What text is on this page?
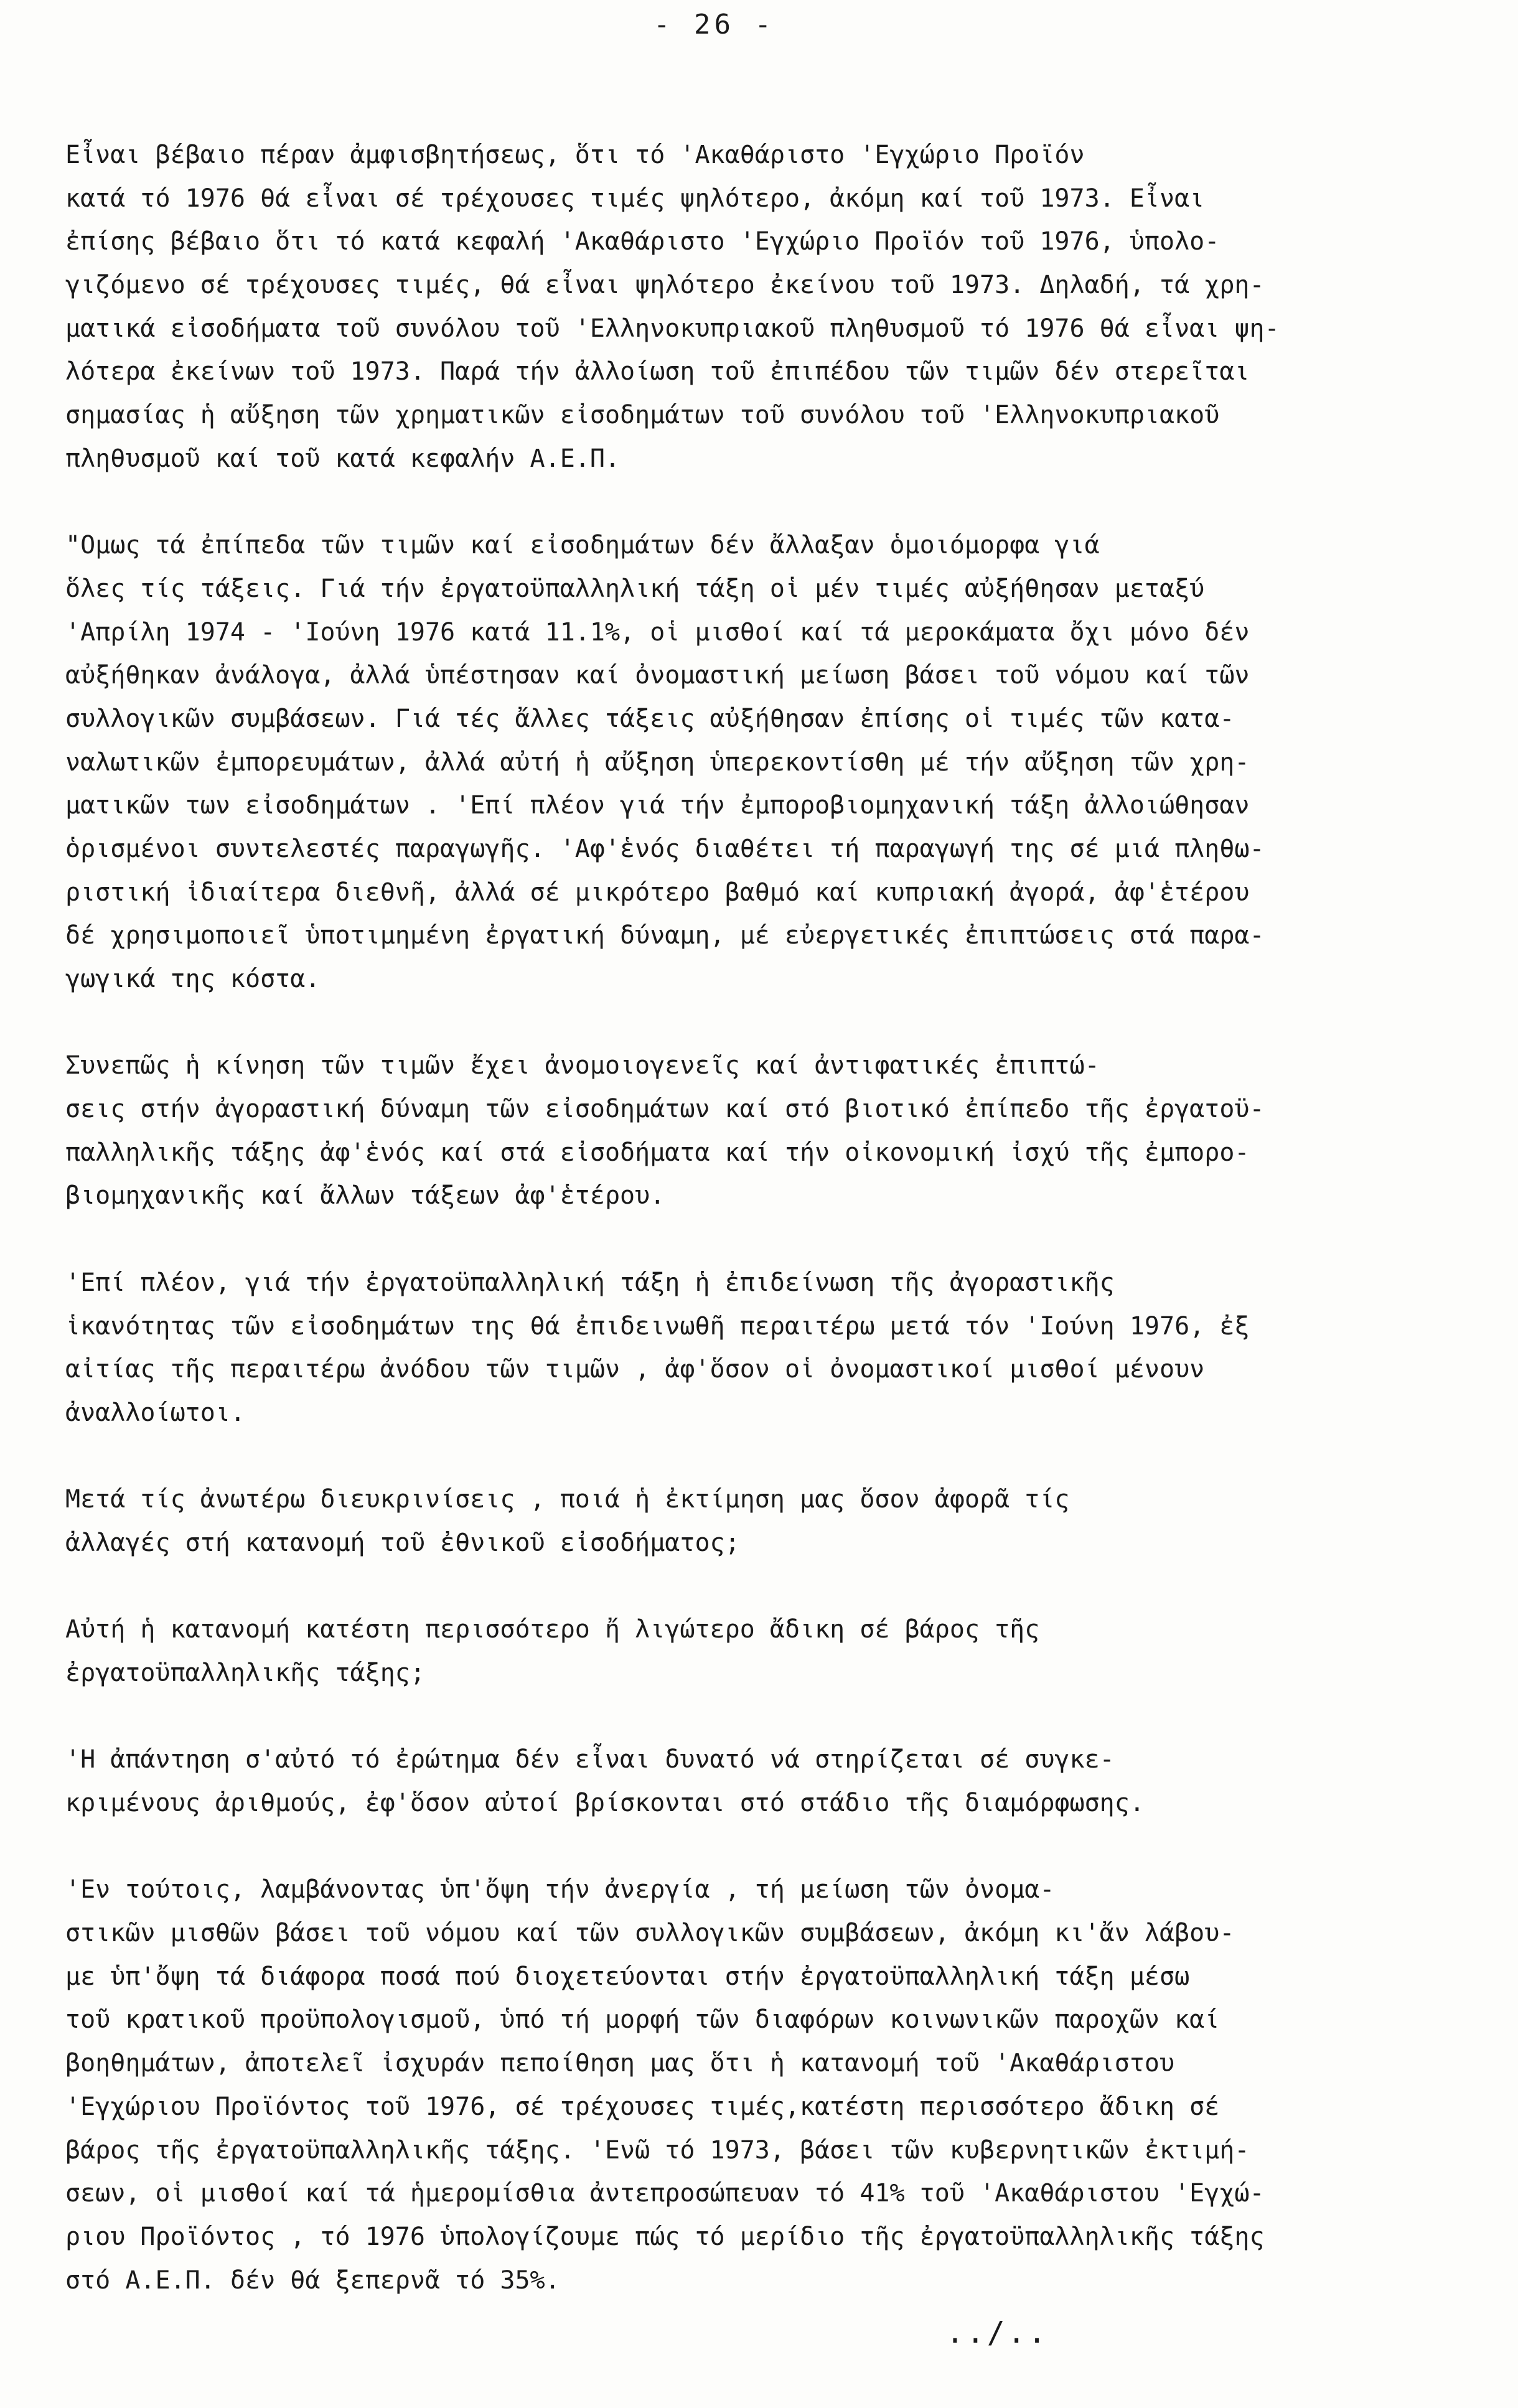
- 26 -

Εἶναι βέβαιο πέραν ἀμφισβητήσεως, ὅτι τό 'Ακαθάριστο 'Εγχώριο Προϊόν
κατά τό 1976 θά εἶναι σέ τρέχουσες τιμές ψηλότερο, ἀκόμη καί τοῦ 1973. Εἶναι
ἐπίσης βέβαιο ὅτι τό κατά κεφαλή 'Ακαθάριστο 'Εγχώριο Προϊόν τοῦ 1976, ὑπολο-
γιζόμενο σέ τρέχουσες τιμές, θά εἶναι ψηλότερο ἐκείνου τοῦ 1973. Δηλαδή, τά χρη-
ματικά εἰσοδήματα τοῦ συνόλου τοῦ 'Ελληνοκυπριακοῦ πληθυσμοῦ τό 1976 θά εἶναι ψη-
λότερα ἐκείνων τοῦ 1973. Παρά τήν ἀλλοίωση τοῦ ἐπιπέδου τῶν τιμῶν δέν στερεῖται
σημασίας ἡ αὔξηση τῶν χρηματικῶν εἰσοδημάτων τοῦ συνόλου τοῦ 'Ελληνοκυπριακοῦ
πληθυσμοῦ καί τοῦ κατά κεφαλήν Α.Ε.Π.

"Ομως τά ἐπίπεδα τῶν τιμῶν καί εἰσοδημάτων δέν ἄλλαξαν ὁμοιόμορφα γιά
ὅλες τίς τάξεις. Γιά τήν ἐργατοϋπαλληλική τάξη οἱ μέν τιμές αὐξήθησαν μεταξύ
'Απρίλη 1974 - 'Ιούνη 1976 κατά 11.1%, οἱ μισθοί καί τά μεροκάματα ὄχι μόνο δέν
αὐξήθηκαν ἀνάλογα, ἀλλά ὑπέστησαν καί ὀνομαστική μείωση βάσει τοῦ νόμου καί τῶν
συλλογικῶν συμβάσεων. Γιά τές ἄλλες τάξεις αὐξήθησαν ἐπίσης οἱ τιμές τῶν κατα-
ναλωτικῶν ἐμπορευμάτων, ἀλλά αὐτή ἡ αὔξηση ὑπερεκοντίσθη μέ τήν αὔξηση τῶν χρη-
ματικῶν των εἰσοδημάτων . 'Επί πλέον γιά τήν ἐμποροβιομηχανική τάξη ἀλλοιώθησαν
ὁρισμένοι συντελεστές παραγωγῆς. 'Αφ'ἑνός διαθέτει τή παραγωγή της σέ μιά πληθω-
ριστική ἰδιαίτερα διεθνῆ, ἀλλά σέ μικρότερο βαθμό καί κυπριακή ἀγορά, ἀφ'ἑτέρου
δέ χρησιμοποιεῖ ὑποτιμημένη ἐργατική δύναμη, μέ εὐεργετικές ἐπιπτώσεις στά παρα-
γωγικά της κόστα.

Συνεπῶς ἡ κίνηση τῶν τιμῶν ἔχει ἀνομοιογενεῖς καί ἀντιφατικές ἐπιπτώ-
σεις στήν ἀγοραστική δύναμη τῶν εἰσοδημάτων καί στό βιοτικό ἐπίπεδο τῆς ἐργατοϋ-
παλληλικῆς τάξης ἀφ'ἑνός καί στά εἰσοδήματα καί τήν οἰκονομική ἰσχύ τῆς ἐμπορο-
βιομηχανικῆς καί ἄλλων τάξεων ἀφ'ἑτέρου.

'Επί πλέον, γιά τήν ἐργατοϋπαλληλική τάξη ἡ ἐπιδείνωση τῆς ἀγοραστικῆς
ἱκανότητας τῶν εἰσοδημάτων της θά ἐπιδεινωθῆ περαιτέρω μετά τόν 'Ιούνη 1976, ἐξ
αἰτίας τῆς περαιτέρω ἀνόδου τῶν τιμῶν , ἀφ'ὅσον οἱ ὀνομαστικοί μισθοί μένουν
ἀναλλοίωτοι.

Μετά τίς ἀνωτέρω διευκρινίσεις , ποιά ἡ ἐκτίμηση μας ὅσον ἀφορᾶ τίς
ἀλλαγές στή κατανομή τοῦ ἐθνικοῦ εἰσοδήματος;

Αὐτή ἡ κατανομή κατέστη περισσότερο ἤ λιγώτερο ἄδικη σέ βάρος τῆς
ἐργατοϋπαλληλικῆς τάξης;

'Η ἀπάντηση σ'αὐτό τό ἐρώτημα δέν εἶναι δυνατό νά στηρίζεται σέ συγκε-
κριμένους ἀριθμούς, ἐφ'ὅσον αὐτοί βρίσκονται στό στάδιο τῆς διαμόρφωσης.

'Εν τούτοις, λαμβάνοντας ὑπ'ὄψη τήν ἀνεργία , τή μείωση τῶν ὀνομα-
στικῶν μισθῶν βάσει τοῦ νόμου καί τῶν συλλογικῶν συμβάσεων, ἀκόμη κι'ἄν λάβου-
με ὑπ'ὄψη τά διάφορα ποσά πού διοχετεύονται στήν ἐργατοϋπαλληλική τάξη μέσω
τοῦ κρατικοῦ προϋπολογισμοῦ, ὑπό τή μορφή τῶν διαφόρων κοινωνικῶν παροχῶν καί
βοηθημάτων, ἀποτελεῖ ἰσχυράν πεποίθηση μας ὅτι ἡ κατανομή τοῦ 'Ακαθάριστου
'Εγχώριου Προϊόντος τοῦ 1976, σέ τρέχουσες τιμές,κατέστη περισσότερο ἄδικη σέ
βάρος τῆς ἐργατοϋπαλληλικῆς τάξης. 'Ενῶ τό 1973, βάσει τῶν κυβερνητικῶν ἐκτιμή-
σεων, οἱ μισθοί καί τά ἡμερομίσθια ἀντεπροσώπευαν τό 41% τοῦ 'Ακαθάριστου 'Εγχώ-
ριου Προϊόντος , τό 1976 ὑπολογίζουμε πώς τό μερίδιο τῆς ἐργατοϋπαλληλικῆς τάξης
στό Α.Ε.Π. δέν θά ξεπερνᾶ τό 35%.

../..
